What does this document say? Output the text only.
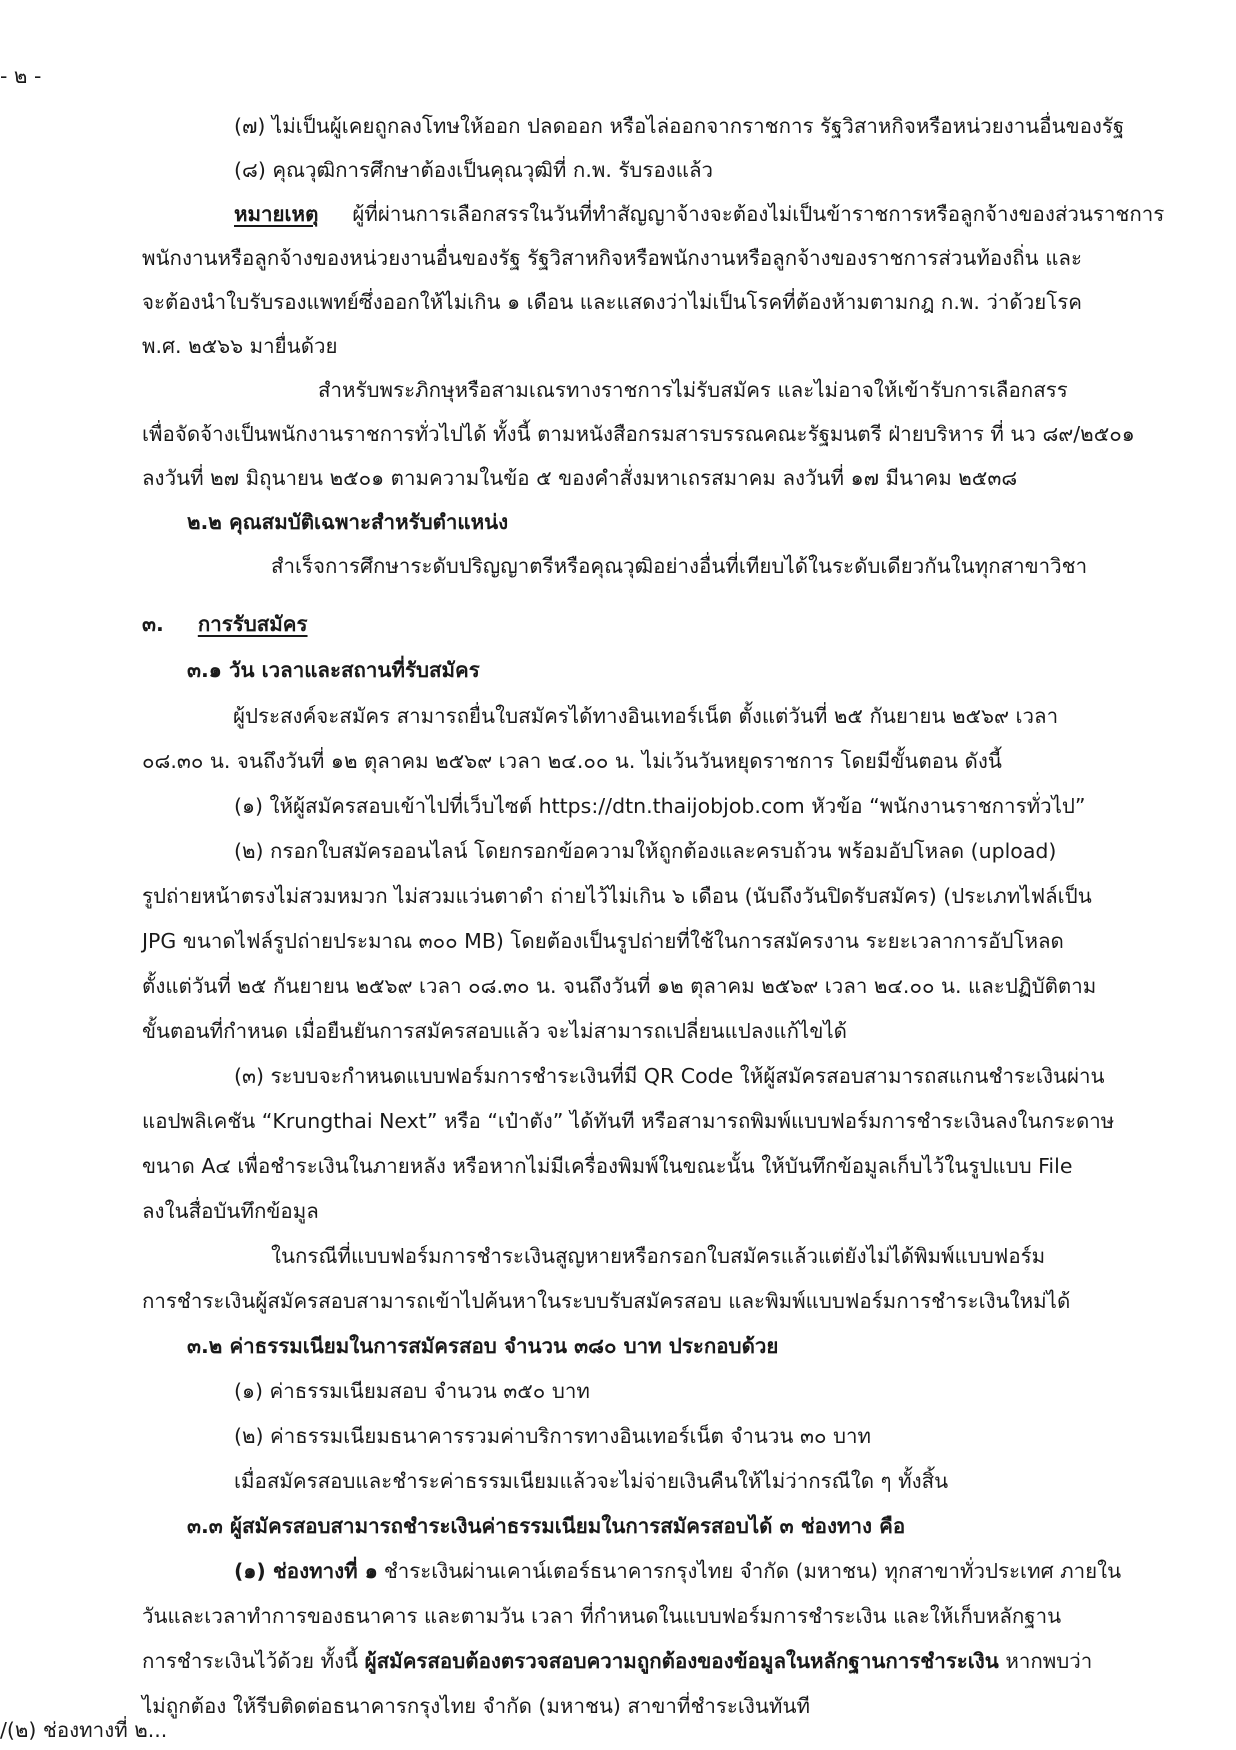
- ๒ -
(๗) ไม่เป็นผู้เคยถูกลงโทษให้ออก ปลดออก หรือไล่ออกจากราชการ รัฐวิสาหกิจหรือหน่วยงานอื่นของรัฐ
(๘) คุณวุฒิการศึกษาต้องเป็นคุณวุฒิที่ ก.พ. รับรองแล้ว
หมายเหตุ ผู้ที่ผ่านการเลือกสรรในวันที่ทำสัญญาจ้างจะต้องไม่เป็นข้าราชการหรือลูกจ้างของส่วนราชการ
พนักงานหรือลูกจ้างของหน่วยงานอื่นของรัฐ รัฐวิสาหกิจหรือพนักงานหรือลูกจ้างของราชการส่วนท้องถิ่น และ
จะต้องนำใบรับรองแพทย์ซึ่งออกให้ไม่เกิน ๑ เดือน และแสดงว่าไม่เป็นโรคที่ต้องห้ามตามกฎ ก.พ. ว่าด้วยโรค
พ.ศ. ๒๕๖๖ มายื่นด้วย
สำหรับพระภิกษุหรือสามเณรทางราชการไม่รับสมัคร และไม่อาจให้เข้ารับการเลือกสรร
เพื่อจัดจ้างเป็นพนักงานราชการทั่วไปได้ ทั้งนี้ ตามหนังสือกรมสารบรรณคณะรัฐมนตรี ฝ่ายบริหาร ที่ นว ๘๙/๒๕๐๑
ลงวันที่ ๒๗ มิถุนายน ๒๕๐๑ ตามความในข้อ ๕ ของคำสั่งมหาเถรสมาคม ลงวันที่ ๑๗ มีนาคม ๒๕๓๘
๒.๒ คุณสมบัติเฉพาะสำหรับตำแหน่ง
สำเร็จการศึกษาระดับปริญญาตรีหรือคุณวุฒิอย่างอื่นที่เทียบได้ในระดับเดียวกันในทุกสาขาวิชา
๓. การรับสมัคร
๓.๑ วัน เวลาและสถานที่รับสมัคร
ผู้ประสงค์จะสมัคร สามารถยื่นใบสมัครได้ทางอินเทอร์เน็ต ตั้งแต่วันที่ ๒๕ กันยายน ๒๕๖๙ เวลา
๐๘.๓๐ น. จนถึงวันที่ ๑๒ ตุลาคม ๒๕๖๙ เวลา ๒๔.๐๐ น. ไม่เว้นวันหยุดราชการ โดยมีขั้นตอน ดังนี้
(๑) ให้ผู้สมัครสอบเข้าไปที่เว็บไซต์ https://dtn.thaijobjob.com หัวข้อ “พนักงานราชการทั่วไป”
(๒) กรอกใบสมัครออนไลน์ โดยกรอกข้อความให้ถูกต้องและครบถ้วน พร้อมอัปโหลด (upload)
รูปถ่ายหน้าตรงไม่สวมหมวก ไม่สวมแว่นตาดำ ถ่ายไว้ไม่เกิน ๖ เดือน (นับถึงวันปิดรับสมัคร) (ประเภทไฟล์เป็น
JPG ขนาดไฟล์รูปถ่ายประมาณ ๓๐๐ MB) โดยต้องเป็นรูปถ่ายที่ใช้ในการสมัครงาน ระยะเวลาการอัปโหลด
ตั้งแต่วันที่ ๒๕ กันยายน ๒๕๖๙ เวลา ๐๘.๓๐ น. จนถึงวันที่ ๑๒ ตุลาคม ๒๕๖๙ เวลา ๒๔.๐๐ น. และปฏิบัติตาม
ขั้นตอนที่กำหนด เมื่อยืนยันการสมัครสอบแล้ว จะไม่สามารถเปลี่ยนแปลงแก้ไขได้
(๓) ระบบจะกำหนดแบบฟอร์มการชำระเงินที่มี QR Code ให้ผู้สมัครสอบสามารถสแกนชำระเงินผ่าน
แอปพลิเคชัน “Krungthai Next” หรือ “เป๋าตัง” ได้ทันที หรือสามารถพิมพ์แบบฟอร์มการชำระเงินลงในกระดาษ
ขนาด A๔ เพื่อชำระเงินในภายหลัง หรือหากไม่มีเครื่องพิมพ์ในขณะนั้น ให้บันทึกข้อมูลเก็บไว้ในรูปแบบ File
ลงในสื่อบันทึกข้อมูล
ในกรณีที่แบบฟอร์มการชำระเงินสูญหายหรือกรอกใบสมัครแล้วแต่ยังไม่ได้พิมพ์แบบฟอร์ม
การชำระเงินผู้สมัครสอบสามารถเข้าไปค้นหาในระบบรับสมัครสอบ และพิมพ์แบบฟอร์มการชำระเงินใหม่ได้
๓.๒ ค่าธรรมเนียมในการสมัครสอบ จำนวน ๓๘๐ บาท ประกอบด้วย
(๑) ค่าธรรมเนียมสอบ จำนวน ๓๕๐ บาท
(๒) ค่าธรรมเนียมธนาคารรวมค่าบริการทางอินเทอร์เน็ต จำนวน ๓๐ บาท
เมื่อสมัครสอบและชำระค่าธรรมเนียมแล้วจะไม่จ่ายเงินคืนให้ไม่ว่ากรณีใด ๆ ทั้งสิ้น
๓.๓ ผู้สมัครสอบสามารถชำระเงินค่าธรรมเนียมในการสมัครสอบได้ ๓ ช่องทาง คือ
(๑) ช่องทางที่ ๑ ชำระเงินผ่านเคาน์เตอร์ธนาคารกรุงไทย จำกัด (มหาชน) ทุกสาขาทั่วประเทศ ภายใน
วันและเวลาทำการของธนาคาร และตามวัน เวลา ที่กำหนดในแบบฟอร์มการชำระเงิน และให้เก็บหลักฐาน
การชำระเงินไว้ด้วย ทั้งนี้ ผู้สมัครสอบต้องตรวจสอบความถูกต้องของข้อมูลในหลักฐานการชำระเงิน หากพบว่า
ไม่ถูกต้อง ให้รีบติดต่อธนาคารกรุงไทย จำกัด (มหาชน) สาขาที่ชำระเงินทันที
/(๒) ช่องทางที่ ๒...
